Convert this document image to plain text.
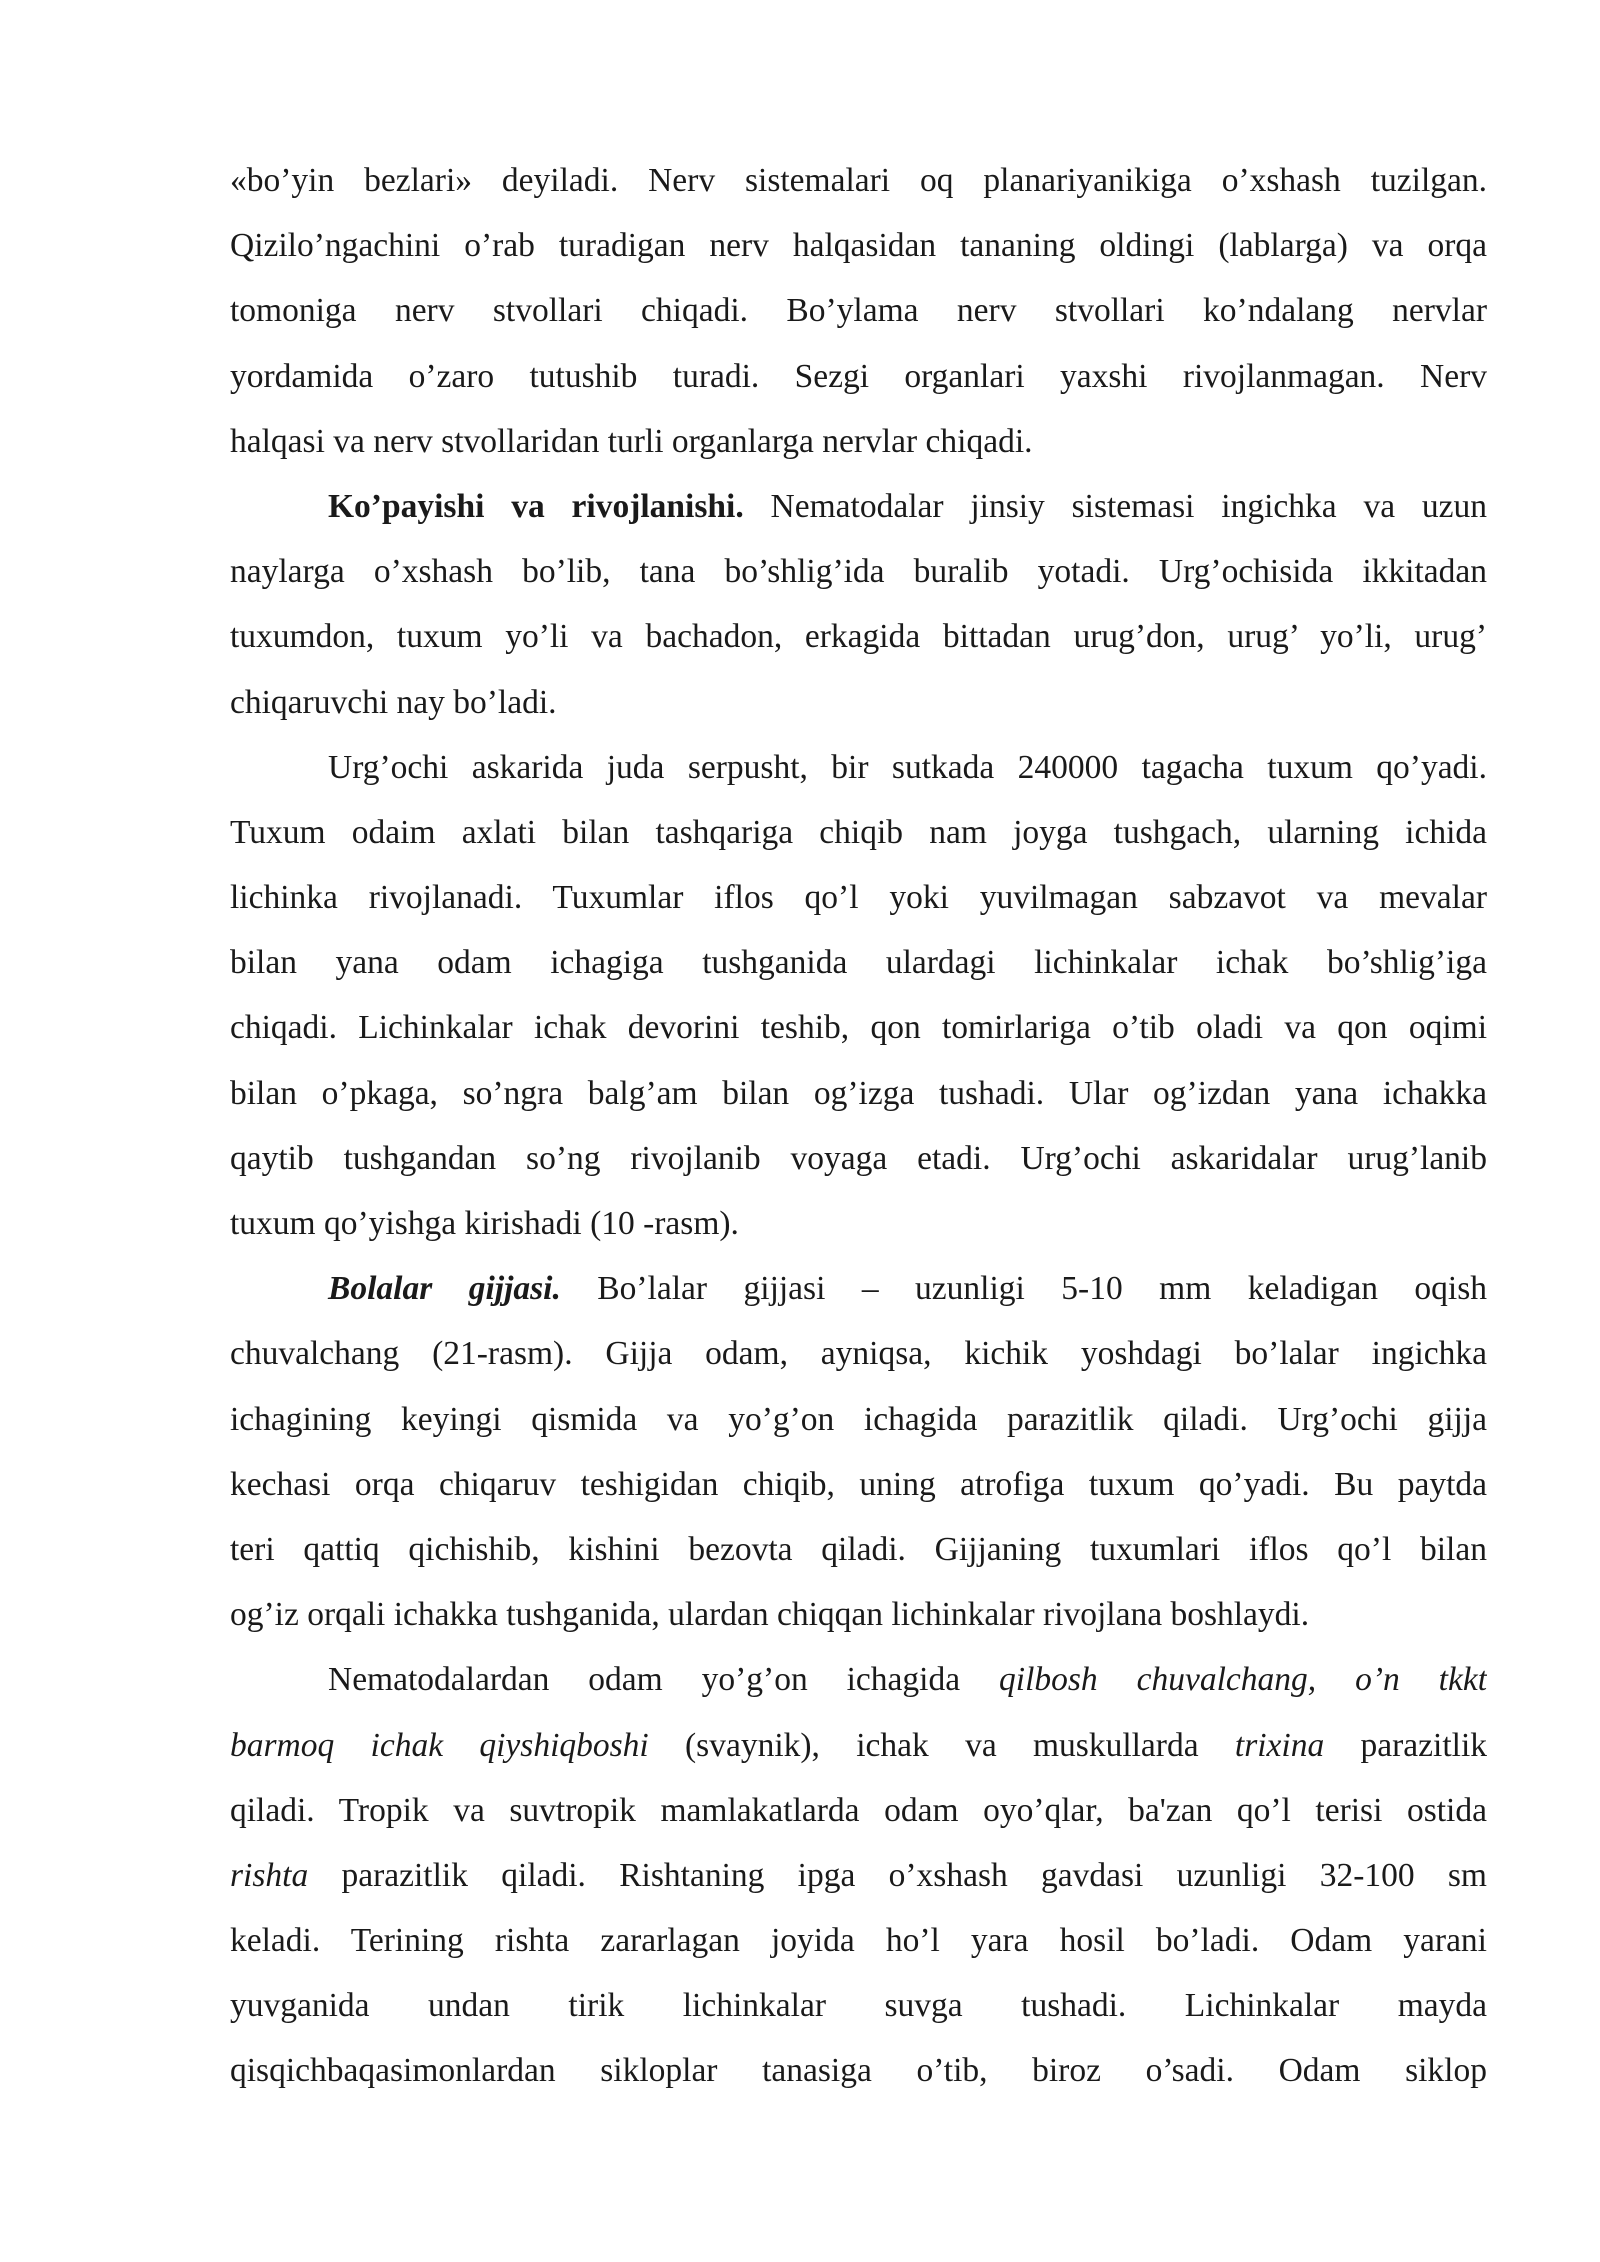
«bo’yin bezlari» deyiladi. Nerv sistemalari oq planariyanikiga o’xshash tuzilgan.
Qizilo’ngachini o’rab turadigan nerv halqasidan tananing oldingi (lablarga) va orqa
tomoniga nerv stvollari chiqadi. Bo’ylama nerv stvollari ko’ndalang nervlar
yordamida o’zaro tutushib turadi. Sezgi organlari yaxshi rivojlanmagan. Nerv
halqasi va nerv stvollaridan turli organlarga nervlar chiqadi.
Ko’payishi va rivojlanishi. Nematodalar jinsiy sistemasi ingichka va uzun
naylarga o’xshash bo’lib, tana bo’shlig’ida buralib yotadi. Urg’ochisida ikkitadan
tuxumdon, tuxum yo’li va bachadon, erkagida bittadan urug’don, urug’ yo’li, urug’
chiqaruvchi nay bo’ladi.
Urg’ochi askarida juda serpusht, bir sutkada 240000 tagacha tuxum qo’yadi.
Tuxum odaim axlati bilan tashqariga chiqib nam joyga tushgach, ularning ichida
lichinka rivojlanadi. Tuxumlar iflos qo’l yoki yuvilmagan sabzavot va mevalar
bilan yana odam ichagiga tushganida ulardagi lichinkalar ichak bo’shlig’iga
chiqadi. Lichinkalar ichak devorini teshib, qon tomirlariga o’tib oladi va qon oqimi
bilan o’pkaga, so’ngra balg’am bilan og’izga tushadi. Ular og’izdan yana ichakka
qaytib tushgandan so’ng rivojlanib voyaga etadi. Urg’ochi askaridalar urug’lanib
tuxum qo’yishga kirishadi (10 -rasm).
Bolalar gijjasi. Bo’lalar gijjasi – uzunligi 5-10 mm keladigan oqish
chuvalchang (21-rasm). Gijja odam, ayniqsa, kichik yoshdagi bo’lalar ingichka
ichagining keyingi qismida va yo’g’on ichagida parazitlik qiladi. Urg’ochi gijja
kechasi orqa chiqaruv teshigidan chiqib, uning atrofiga tuxum qo’yadi. Bu paytda
teri qattiq qichishib, kishini bezovta qiladi. Gijjaning tuxumlari iflos qo’l bilan
og’iz orqali ichakka tushganida, ulardan chiqqan lichinkalar rivojlana boshlaydi.
Nematodalardan odam yo’g’on ichagida qilbosh chuvalchang, o’n tkkt
barmoq ichak qiyshiqboshi (svaynik), ichak va muskullarda trixina parazitlik
qiladi. Tropik va suvtropik mamlakatlarda odam oyo’qlar, ba'zan qo’l terisi ostida
rishta parazitlik qiladi. Rishtaning ipga o’xshash gavdasi uzunligi 32-100 sm
keladi. Terining rishta zararlagan joyida ho’l yara hosil bo’ladi. Odam yarani
yuvganida undan tirik lichinkalar suvga tushadi. Lichinkalar mayda
qisqichbaqasimonlardan sikloplar tanasiga o’tib, biroz o’sadi. Odam siklop
